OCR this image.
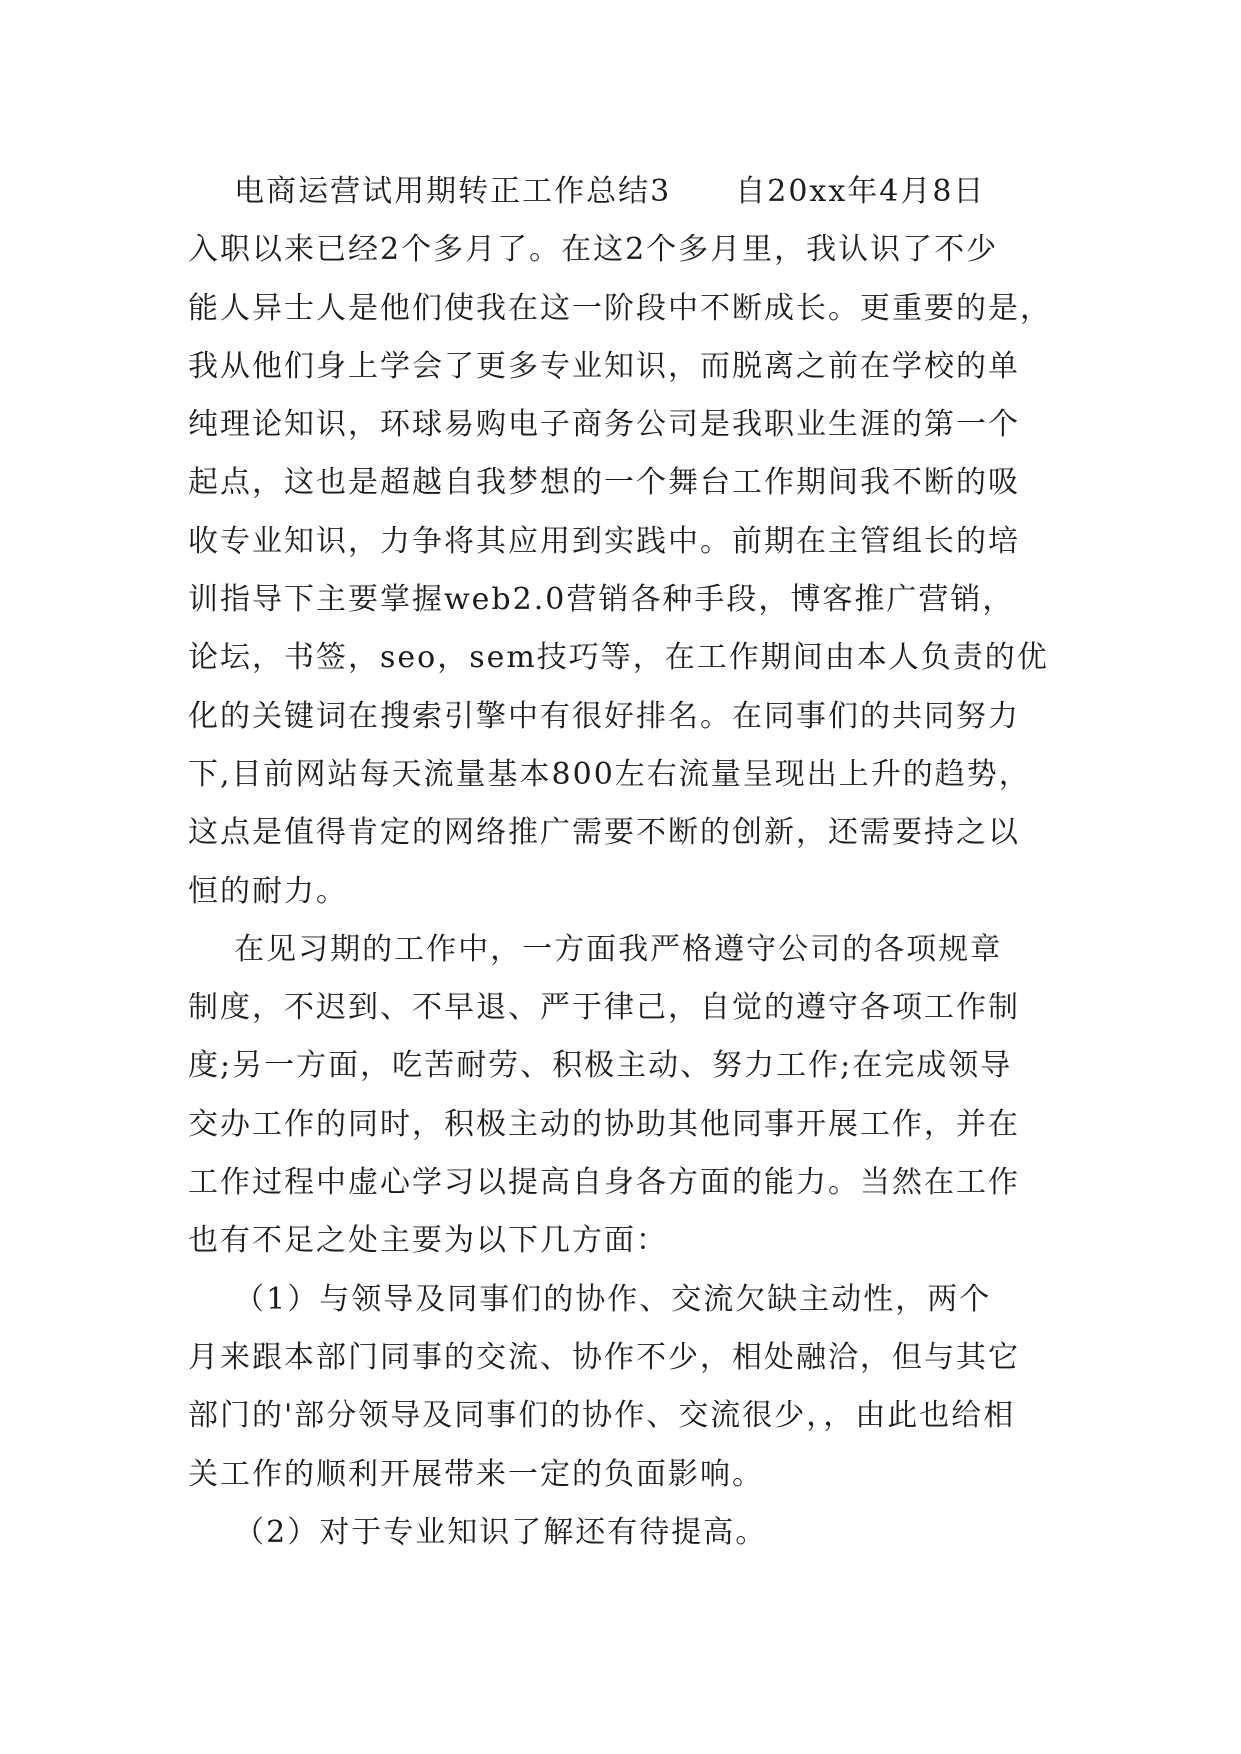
电商运营试用期转正工作总结3　　自20xx年4月8日
入职以来已经2个多月了。在这2个多月里，我认识了不少
能人异士人是他们使我在这一阶段中不断成长。更重要的是，
我从他们身上学会了更多专业知识，而脱离之前在学校的单
纯理论知识，环球易购电子商务公司是我职业生涯的第一个
起点，这也是超越自我梦想的一个舞台工作期间我不断的吸
收专业知识，力争将其应用到实践中。前期在主管组长的培
训指导下主要掌握web2.0营销各种手段，博客推广营销，
论坛，书签，seo，sem技巧等，在工作期间由本人负责的优
化的关键词在搜索引擎中有很好排名。在同事们的共同努力
下,目前网站每天流量基本800左右流量呈现出上升的趋势，
这点是值得肯定的网络推广需要不断的创新，还需要持之以
恒的耐力。
在见习期的工作中，一方面我严格遵守公司的各项规章
制度，不迟到、不早退、严于律己，自觉的遵守各项工作制
度;另一方面，吃苦耐劳、积极主动、努力工作;在完成领导
交办工作的同时，积极主动的协助其他同事开展工作，并在
工作过程中虚心学习以提高自身各方面的能力。当然在工作
也有不足之处主要为以下几方面：
（1）与领导及同事们的协作、交流欠缺主动性，两个
月来跟本部门同事的交流、协作不少，相处融洽，但与其它
部门的'部分领导及同事们的协作、交流很少，，由此也给相
关工作的顺利开展带来一定的负面影响。
（2）对于专业知识了解还有待提高。
